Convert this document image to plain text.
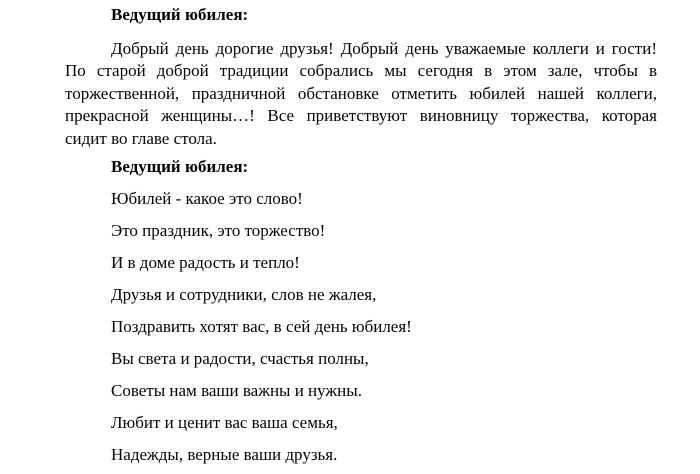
Ведущий юбилея:

Добрый день дорогие друзья! Добрый день уважаемые коллеги и гости!
По старой доброй традиции собрались мы сегодня в этом зале, чтобы в
торжественной, праздничной обстановке отметить юбилей нашей коллеги,
прекрасной женщины…! Все приветствуют виновницу торжества, которая
сидит во главе стола.

Ведущий юбилея:

Юбилей - какое это слово!

Это праздник, это торжество!

И в доме радость и тепло!

Друзья и сотрудники, слов не жалея,

Поздравить хотят вас, в сей день юбилея!

Вы света и радости, счастья полны,

Советы нам ваши важны и нужны.

Любит и ценит вас ваша семья,

Надежды, верные ваши друзья.
